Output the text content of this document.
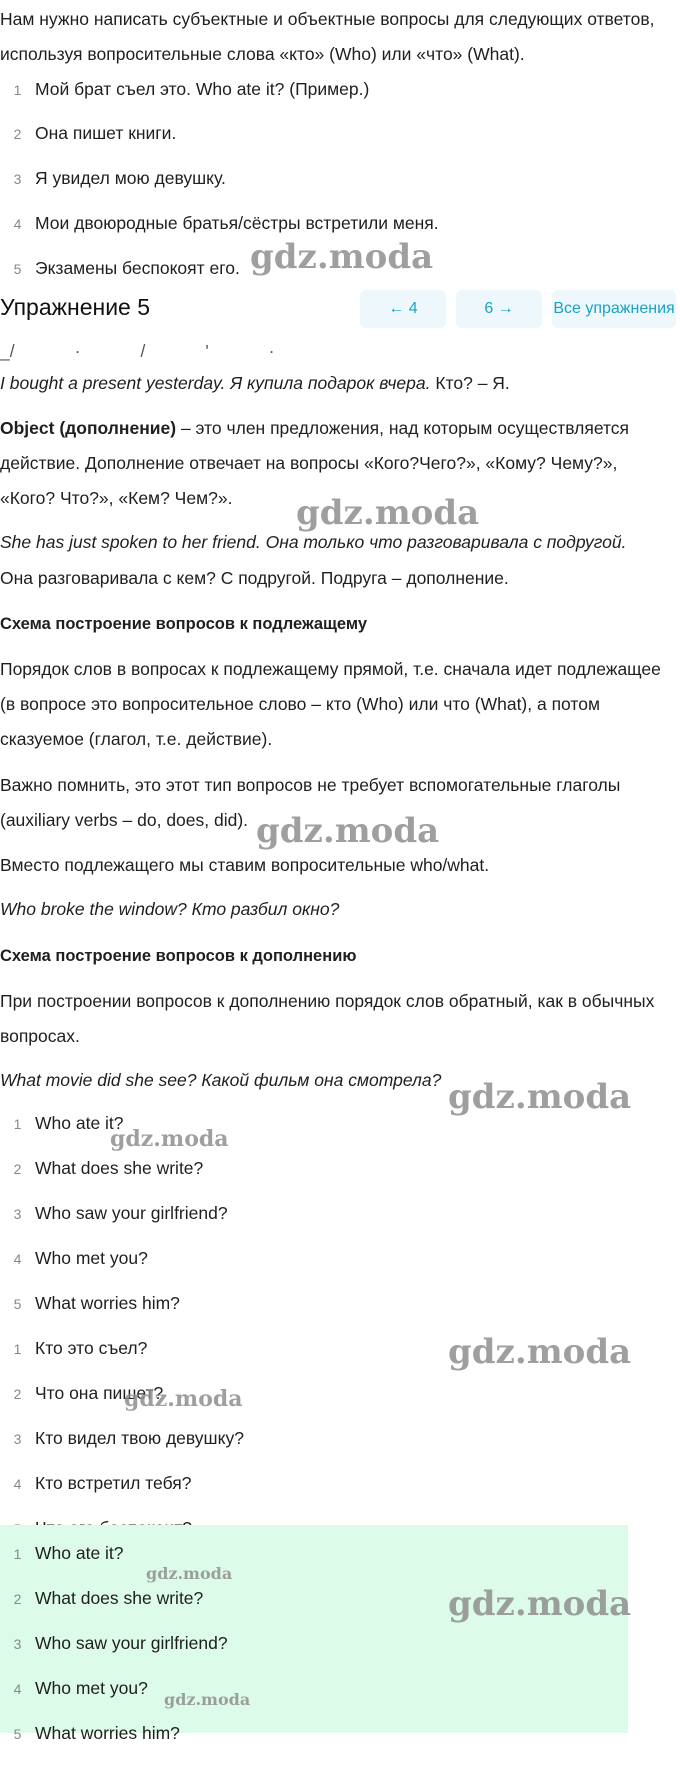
Нам нужно написать субъектные и объектные вопросы для следующих ответов, используя вопросительные слова «кто» (Who) или «что» (What).

1 Мой брат съел это. Who ate it? (Пример.)
2 Она пишет книги.
3 Я увидел мою девушку.
4 Мои двоюродные братья/сёстры встретили меня.
5 Экзамены беспокоят его.
Упражнение 5	← 4	6 →	Все упражнения
_/	·	/	'	·

I bought a present yesterday. Я купила подарок вчера. Кто? – Я.

Object (дополнение) – это член предложения, над которым осуществляется действие. Дополнение отвечает на вопросы «Кого?Чего?», «Кому? Чему?», «Кого? Что?», «Кем? Чем?».

She has just spoken to her friend. Она только что разговаривала с подругой.

Она разговаривала с кем? С подругой. Подруга – дополнение.

Схема построение вопросов к подлежащему

Порядок слов в вопросах к подлежащему прямой, т.е. сначала идет подлежащее (в вопросе это вопросительное слово – кто (Who) или что (What), а потом сказуемое (глагол, т.е. действие).

Важно помнить, это этот тип вопросов не требует вспомогательные глаголы (auxiliary verbs – do, does, did).

Вместо подлежащего мы ставим вопросительные who/what.

Who broke the window? Кто разбил окно?

Схема построение вопросов к дополнению

При построении вопросов к дополнению порядок слов обратный, как в обычных вопросах.

What movie did she see? Какой фильм она смотрела?

1 Who ate it?
2 What does she write?
3 Who saw your girlfriend?
4 Who met you?
5 What worries him?
1 Кто это съел?
2 Что она пишет?
3 Кто видел твою девушку?
4 Кто встретил тебя?
1 Who ate it?
2 What does she write?
3 Who saw your girlfriend?
4 Who met you?
5 What worries him?
gdz.moda
gdz.moda
gdz.moda
gdz.moda
gdz.moda
gdz.moda
gdz.moda
gdz.moda
gdz.moda
gdz.moda
